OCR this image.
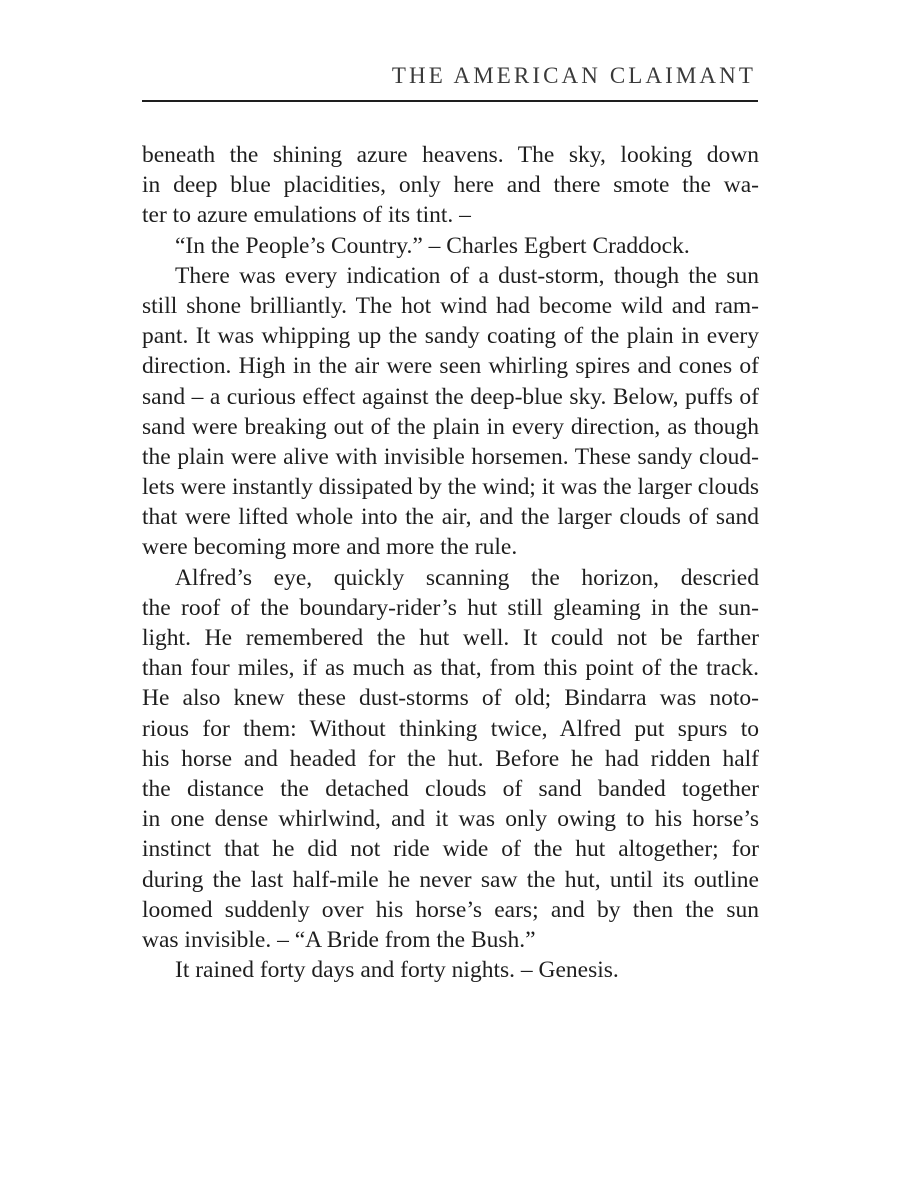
THE AMERICAN CLAIMANT
beneath the shining azure heavens. The sky, looking down
in deep blue placidities, only here and there smote the wa-
ter to azure emulations of its tint. –
“In the People’s Country.” – Charles Egbert Craddock.
There was every indication of a dust-storm, though the sun
still shone brilliantly. The hot wind had become wild and ram-
pant. It was whipping up the sandy coating of the plain in every
direction. High in the air were seen whirling spires and cones of
sand – a curious effect against the deep-blue sky. Below, puffs of
sand were breaking out of the plain in every direction, as though
the plain were alive with invisible horsemen. These sandy cloud-
lets were instantly dissipated by the wind; it was the larger clouds
that were lifted whole into the air, and the larger clouds of sand
were becoming more and more the rule.
Alfred’s eye, quickly scanning the horizon, descried
the roof of the boundary-rider’s hut still gleaming in the sun-
light. He remembered the hut well. It could not be farther
than four miles, if as much as that, from this point of the track.
He also knew these dust-storms of old; Bindarra was noto-
rious for them: Without thinking twice, Alfred put spurs to
his horse and headed for the hut. Before he had ridden half
the distance the detached clouds of sand banded together
in one dense whirlwind, and it was only owing to his horse’s
instinct that he did not ride wide of the hut altogether; for
during the last half-mile he never saw the hut, until its outline
loomed suddenly over his horse’s ears; and by then the sun
was invisible. – “A Bride from the Bush.”
It rained forty days and forty nights. – Genesis.
